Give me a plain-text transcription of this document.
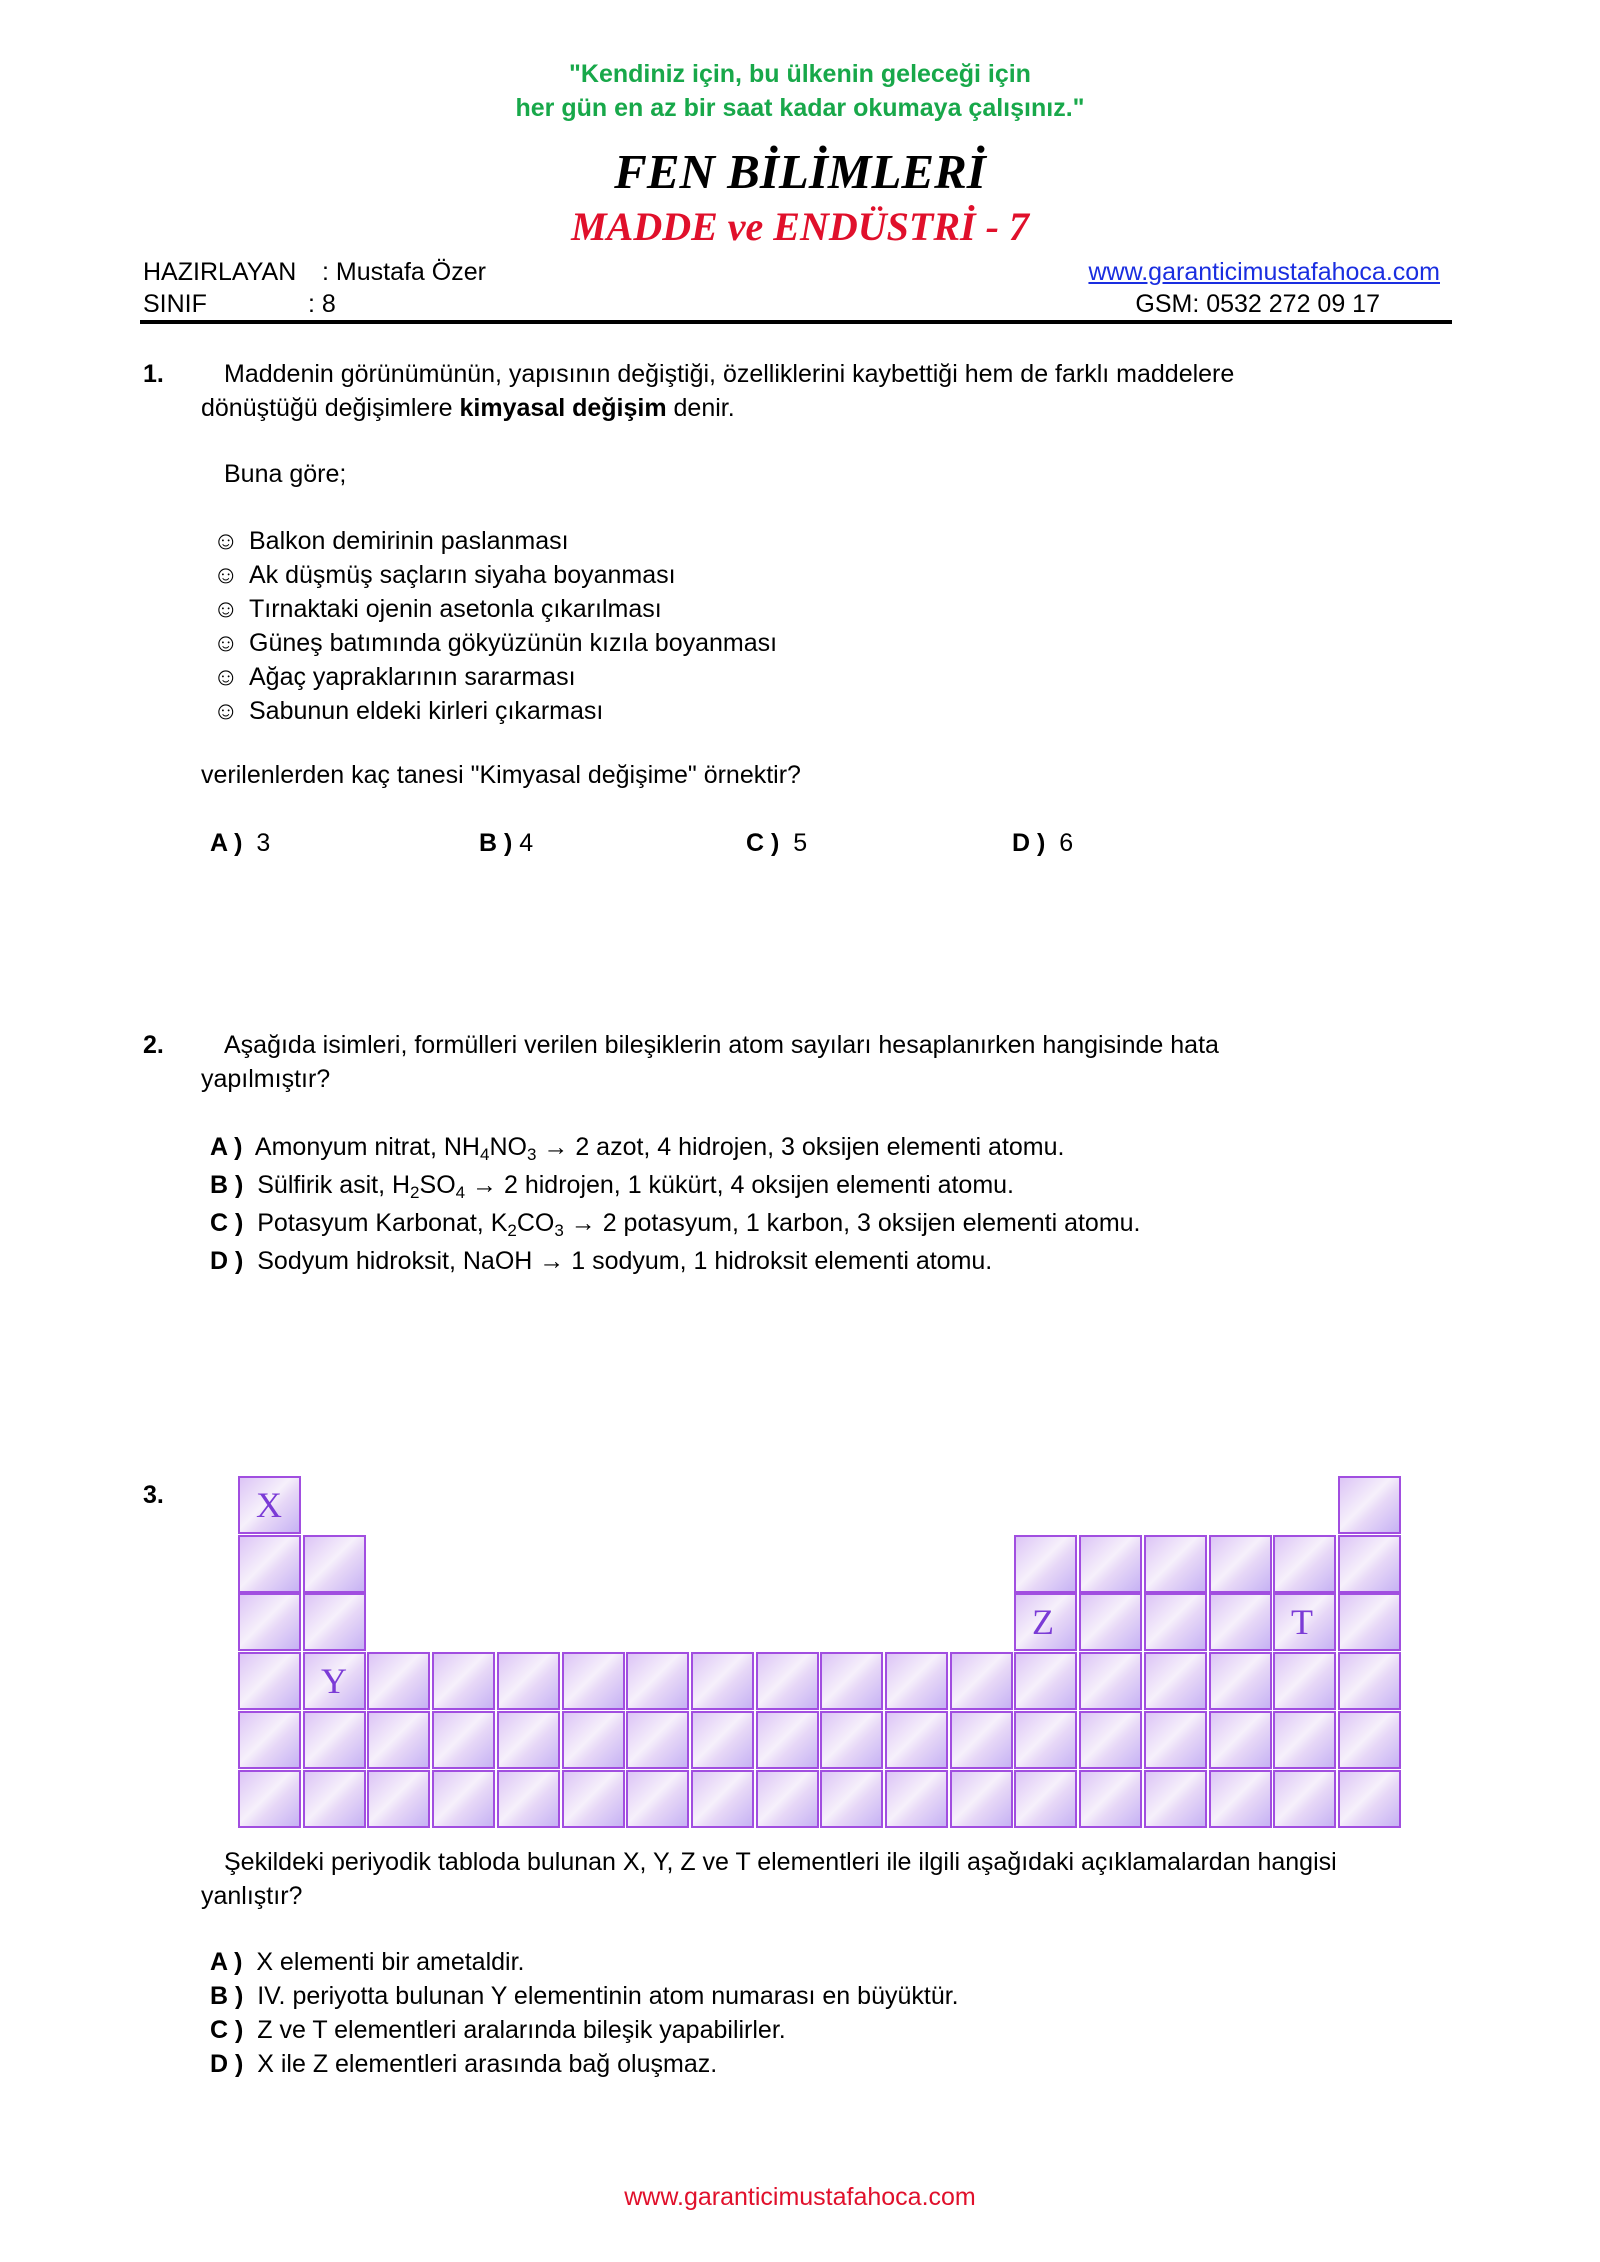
"Kendiniz için, bu ülkenin geleceği için
her gün en az bir saat kadar okumaya çalışınız."
FEN BİLİMLERİ
MADDE ve ENDÜSTRİ - 7
HAZIRLAYAN : Mustafa Özer
SINIF	: 8
www.garanticimustafahoca.com
GSM: 0532 272 09 17
1. Maddenin görünümünün, yapısının değiştiği, özelliklerini kaybettiği hem de farklı maddelere
dönüştüğü değişimlere kimyasal değişim denir.
Buna göre;
☺ Balkon demirinin paslanması
☺ Ak düşmüş saçların siyaha boyanması
☺ Tırnaktaki ojenin asetonla çıkarılması
☺ Güneş batımında gökyüzünün kızıla boyanması
☺ Ağaç yapraklarının sararması
☺ Sabunun eldeki kirleri çıkarması
verilenlerden kaç tanesi "Kimyasal değişime" örnektir?
A ) 3	B ) 4	C ) 5	D ) 6
2. Aşağıda isimleri, formülleri verilen bileşiklerin atom sayıları hesaplanırken hangisinde hata
yapılmıştır?
A ) Amonyum nitrat, $NH_4NO_3 \to 2$ azot, 4 hidrojen, 3 oksijen elementi atomu.
B ) Sülfirik asit, $H_2SO_4 \to 2$ hidrojen, 1 kükürt, 4 oksijen elementi atomu.
C ) Potasyum Karbonat, $K_2CO_3 \to 2$ potasyum, 1 karbon, 3 oksijen elementi atomu.
D ) Sodyum hidroksit, NaOH → 1 sodyum, 1 hidroksit elementi atomu.
3.	X
Y
Z	T
Şekildeki periyodik tabloda bulunan X, Y, Z ve T elementleri ile ilgili aşağıdaki açıklamalardan hangisi
yanlıştır?
A ) X elementi bir ametaldir.
B ) IV. periyotta bulunan Y elementinin atom numarası en büyüktür.
C ) Z ve T elementleri aralarında bileşik yapabilirler.
D ) X ile Z elementleri arasında bağ oluşmaz.
www.garanticimustafahoca.com
